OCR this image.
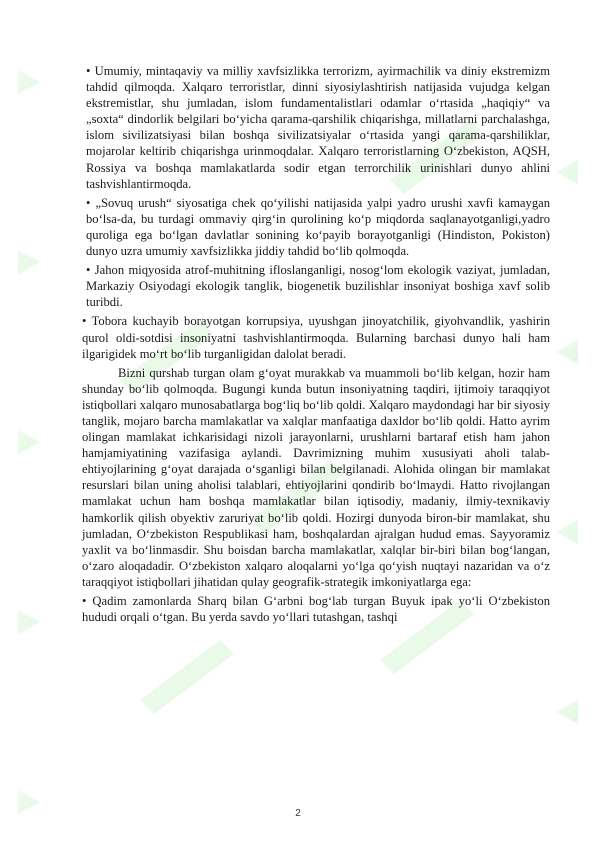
• Umumiy, mintaqaviy va milliy xavfsizlikka terrorizm, ayirmachilik va diniy ekstremizm tahdid qilmoqda. Xalqaro terroristlar, dinni siyosiylashtirish natijasida vujudga kelgan ekstremistlar, shu jumladan, islom fundamentalistlari odamlar o‘rtasida „haqiqiy“ va „soxta“ dindorlik belgilari bo‘yicha qarama-qarshilik chiqarishga, millatlarni parchalashga, islom sivilizatsiyasi bilan boshqa sivilizatsiyalar o‘rtasida yangi qarama-qarshiliklar, mojarolar keltirib chiqarishga urinmoqdalar. Xalqaro terroristlarning O‘zbekiston, AQSH, Rossiya va boshqa mamlakatlarda sodir etgan terrorchilik urinishlari dunyo ahlini tashvishlantirmoqda.

• „Sovuq urush“ siyosatiga chek qo‘yilishi natijasida yalpi yadro urushi xavfi kamaygan bo‘lsa-da, bu turdagi ommaviy qirg‘in qurolining ko‘p miqdorda saqlanayotganligi,yadro quroliga ega bo‘lgan davlatlar sonining ko‘payib borayotganligi (Hindiston, Pokiston) dunyo uzra umumiy xavfsizlikka jiddiy tahdid bo‘lib qolmoqda.

• Jahon miqyosida atrof-muhitning ifloslanganligi, nosog‘lom ekologik vaziyat, jumladan, Markaziy Osiyodagi ekologik tanglik, biogenetik buzilishlar insoniyat boshiga xavf solib turibdi.

• Tobora kuchayib borayotgan korrupsiya, uyushgan jinoyatchilik, giyohvandlik, yashirin qurol oldi-sotdisi insoniyatni tashvishlantirmoqda. Bularning barchasi dunyo hali ham ilgarigidek mo‘rt bo‘lib turganligidan dalolat beradi.

Bizni qurshab turgan olam g‘oyat murakkab va muammoli bo‘lib kelgan, hozir ham shunday bo‘lib qolmoqda. Bugungi kunda butun insoniyatning taqdiri, ijtimoiy taraqqiyot istiqbollari xalqaro munosabatlarga bog‘liq bo‘lib qoldi. Xalqaro maydondagi har bir siyosiy tanglik, mojaro barcha mamlakatlar va xalqlar manfaatiga daxldor bo‘lib qoldi. Hatto ayrim olingan mamlakat ichkarisidagi nizoli jarayonlarni, urushlarni bartaraf etish ham jahon hamjamiyatining vazifasiga aylandi. Davrimizning muhim xususiyati aholi talab-ehtiyojlarining g‘oyat darajada o‘sganligi bilan belgilanadi. Alohida olingan bir mamlakat resurslari bilan uning aholisi talablari, ehtiyojlarini qondirib bo‘lmaydi. Hatto rivojlangan mamlakat uchun ham boshqa mamlakatlar bilan iqtisodiy, madaniy, ilmiy-texnikaviy hamkorlik qilish obyektiv zaruriyat bo‘lib qoldi. Hozirgi dunyoda biron-bir mamlakat, shu jumladan, O‘zbekiston Respublikasi ham, boshqalardan ajralgan hudud emas. Sayyoramiz yaxlit va bo‘linmasdir. Shu boisdan barcha mamlakatlar, xalqlar bir-biri bilan bog‘langan, o‘zaro aloqadadir. O‘zbekiston xalqaro aloqalarni yo‘lga qo‘yish nuqtayi nazaridan va o‘z taraqqiyot istiqbollari jihatidan qulay geografik-strategik imkoniyatlarga ega:

• Qadim zamonlarda Sharq bilan G‘arbni bog‘lab turgan Buyuk ipak yo‘li O‘zbekiston hududi orqali o‘tgan. Bu yerda savdo yo‘llari tutashgan, tashqi

2
